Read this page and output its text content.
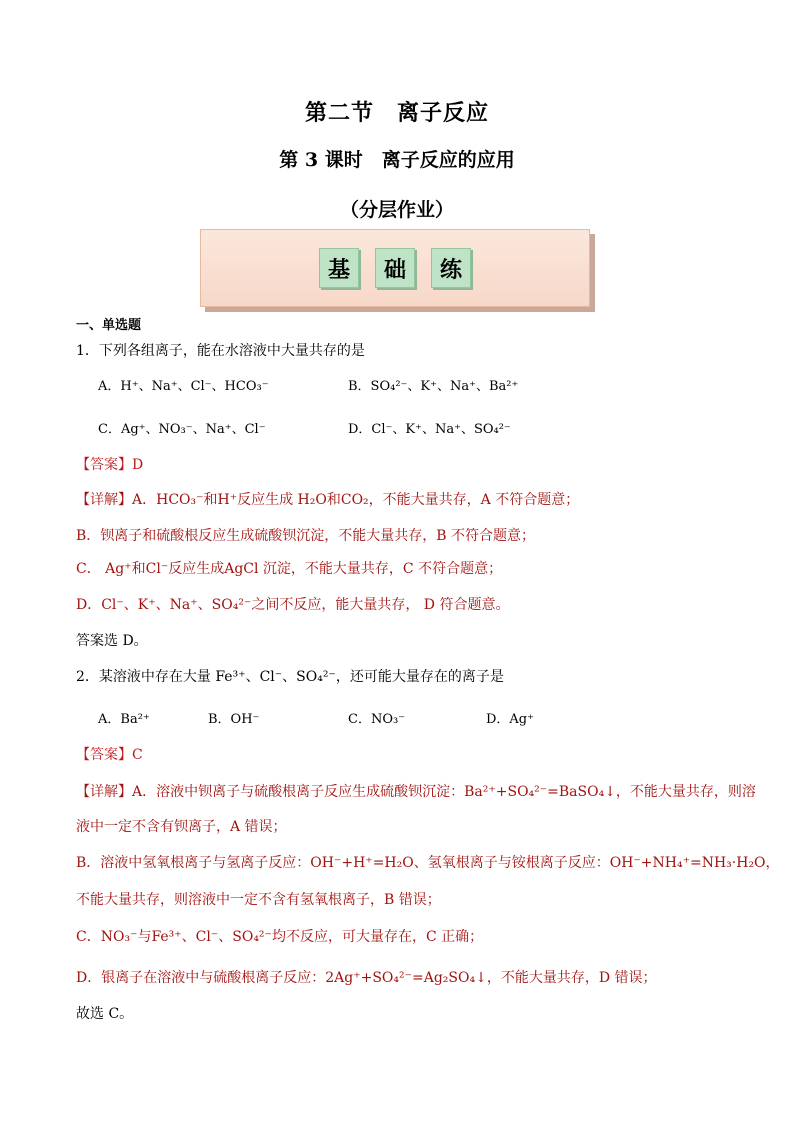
第二节　离子反应
第 3 课时　离子反应的应用
（分层作业）
基	础	练
一、单选题
1．下列各组离子，能在水溶液中大量共存的是
A．H⁺、Na⁺、Cl⁻、HCO₃⁻	B．SO₄²⁻、K⁺、Na⁺、Ba²⁺
C．Ag⁺、NO₃⁻、Na⁺、Cl⁻	D．Cl⁻、K⁺、Na⁺、SO₄²⁻
【答案】D
【详解】A．HCO₃⁻和H⁺反应生成 H₂O和CO₂，不能大量共存，A 不符合题意；
B．钡离子和硫酸根反应生成硫酸钡沉淀，不能大量共存，B 不符合题意；
C． Ag⁺和Cl⁻反应生成AgCl 沉淀，不能大量共存，C 不符合题意；
D．Cl⁻、K⁺、Na⁺、SO₄²⁻之间不反应，能大量共存， D 符合题意。
答案选 D。
2．某溶液中存在大量 Fe³⁺、Cl⁻、SO₄²⁻，还可能大量存在的离子是
A．Ba²⁺	B．OH⁻	C．NO₃⁻	D．Ag⁺
【答案】C
【详解】A．溶液中钡离子与硫酸根离子反应生成硫酸钡沉淀：Ba²⁺+SO₄²⁻=BaSO₄↓，不能大量共存，则溶
液中一定不含有钡离子，A 错误；
B．溶液中氢氧根离子与氢离子反应：OH⁻+H⁺=H₂O、氢氧根离子与铵根离子反应：OH⁻+NH₄⁺=NH₃·H₂O，
不能大量共存，则溶液中一定不含有氢氧根离子，B 错误；
C．NO₃⁻与Fe³⁺、Cl⁻、SO₄²⁻均不反应，可大量存在，C 正确；
D．银离子在溶液中与硫酸根离子反应：2Ag⁺+SO₄²⁻=Ag₂SO₄↓，不能大量共存，D 错误；
故选 C。
